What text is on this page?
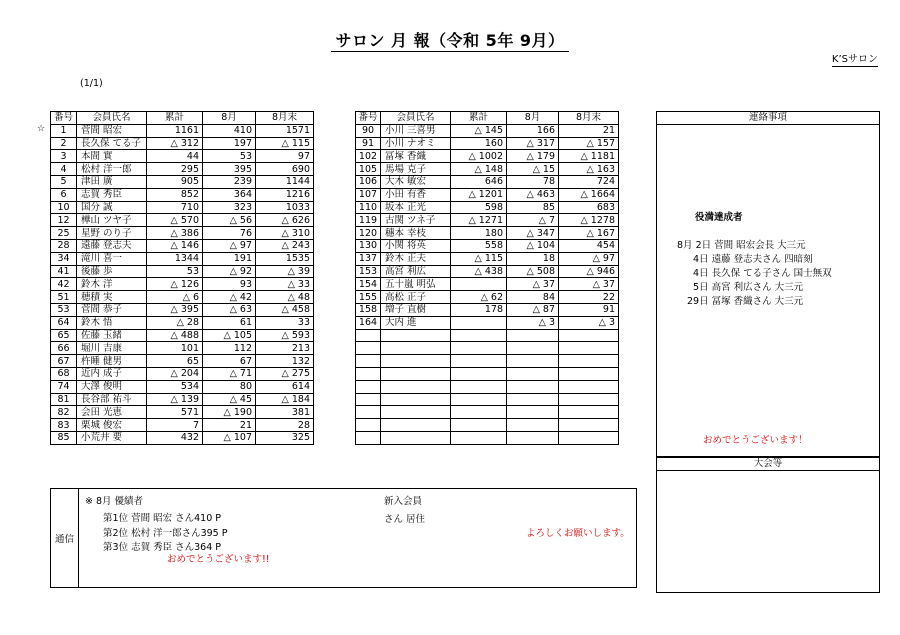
サロン 月 報（令和 5年 9月）
K’Sサロン
(1/1)
☆
番号	会員氏名	累計	8月	8月末
1	菅間 昭宏	1161	410	1571
2	長久保 てる子	△ 312	197	△ 115
3	本間 實	44	53	97
4	松村 洋一郎	295	395	690
5	津田 廣	905	239	1144
6	志賀 秀臣	852	364	1216
10	国分 誠	710	323	1033
12	樺山 ツヤ子	△ 570	△ 56	△ 626
25	星野 のり子	△ 386	76	△ 310
28	遠藤 登志夫	△ 146	△ 97	△ 243
34	滝川 喜一	1344	191	1535
41	後藤 歩	53	△ 92	△ 39
42	鈴木 洋	△ 126	93	△ 33
51	穂積 実	△ 6	△ 42	△ 48
53	菅間 恭子	△ 395	△ 63	△ 458
64	鈴木 悟	△ 28	61	33
65	佐藤 玉緒	△ 488	△ 105	△ 593
66	堀川 吉康	101	112	213
67	杵睡 健男	65	67	132
68	近内 成子	△ 204	△ 71	△ 275
74	大澤 俊明	534	80	614
81	長谷部 祐斗	△ 139	△ 45	△ 184
82	会田 光恵	571	△ 190	381
83	栗城 俊宏	7	21	28
85	小荒井 要	432	△ 107	325
番号	会員氏名	累計	8月	8月末
90	小川 三喜男	△ 145	166	21
91	小川 ナオミ	160	△ 317	△ 157
102	冨塚 香織	△ 1002	△ 179	△ 1181
105	馬場 克子	△ 148	△ 15	△ 163
106	大木 敏宏	646	78	724
107	小田 有香	△ 1201	△ 463	△ 1664
110	坂本 正光	598	85	683
119	古関 ツネ子	△ 1271	△ 7	△ 1278
120	穗本 幸枝	180	△ 347	△ 167
130	小関 将英	558	△ 104	454
137	鈴木 正夫	△ 115	18	△ 97
153	高宮 利広	△ 438	△ 508	△ 946
154	五十嵐 明弘		△ 37	△ 37
155	高松 正子	△ 62	84	22
158	増子 直樹	178	△ 87	91
164	大内 進		△ 3	△ 3

連絡事項
役満達成者
8月 2日 菅間 昭宏会長 大三元
4日 遠藤 登志夫さん 四暗刻
4日 長久保 てる子さん 国士無双
5日 高宮 利広さん 大三元
29日 冨塚 香織さん 大三元
おめでとうございます！
大会等
通信
※ 8月 優績者
第1位 菅間 昭宏 さん410 P
第2位 松村 洋一郎さん395 P
第3位 志賀 秀臣 さん364 P
おめでとうございます!!
新入会員
さん 居住
よろしくお願いします。
